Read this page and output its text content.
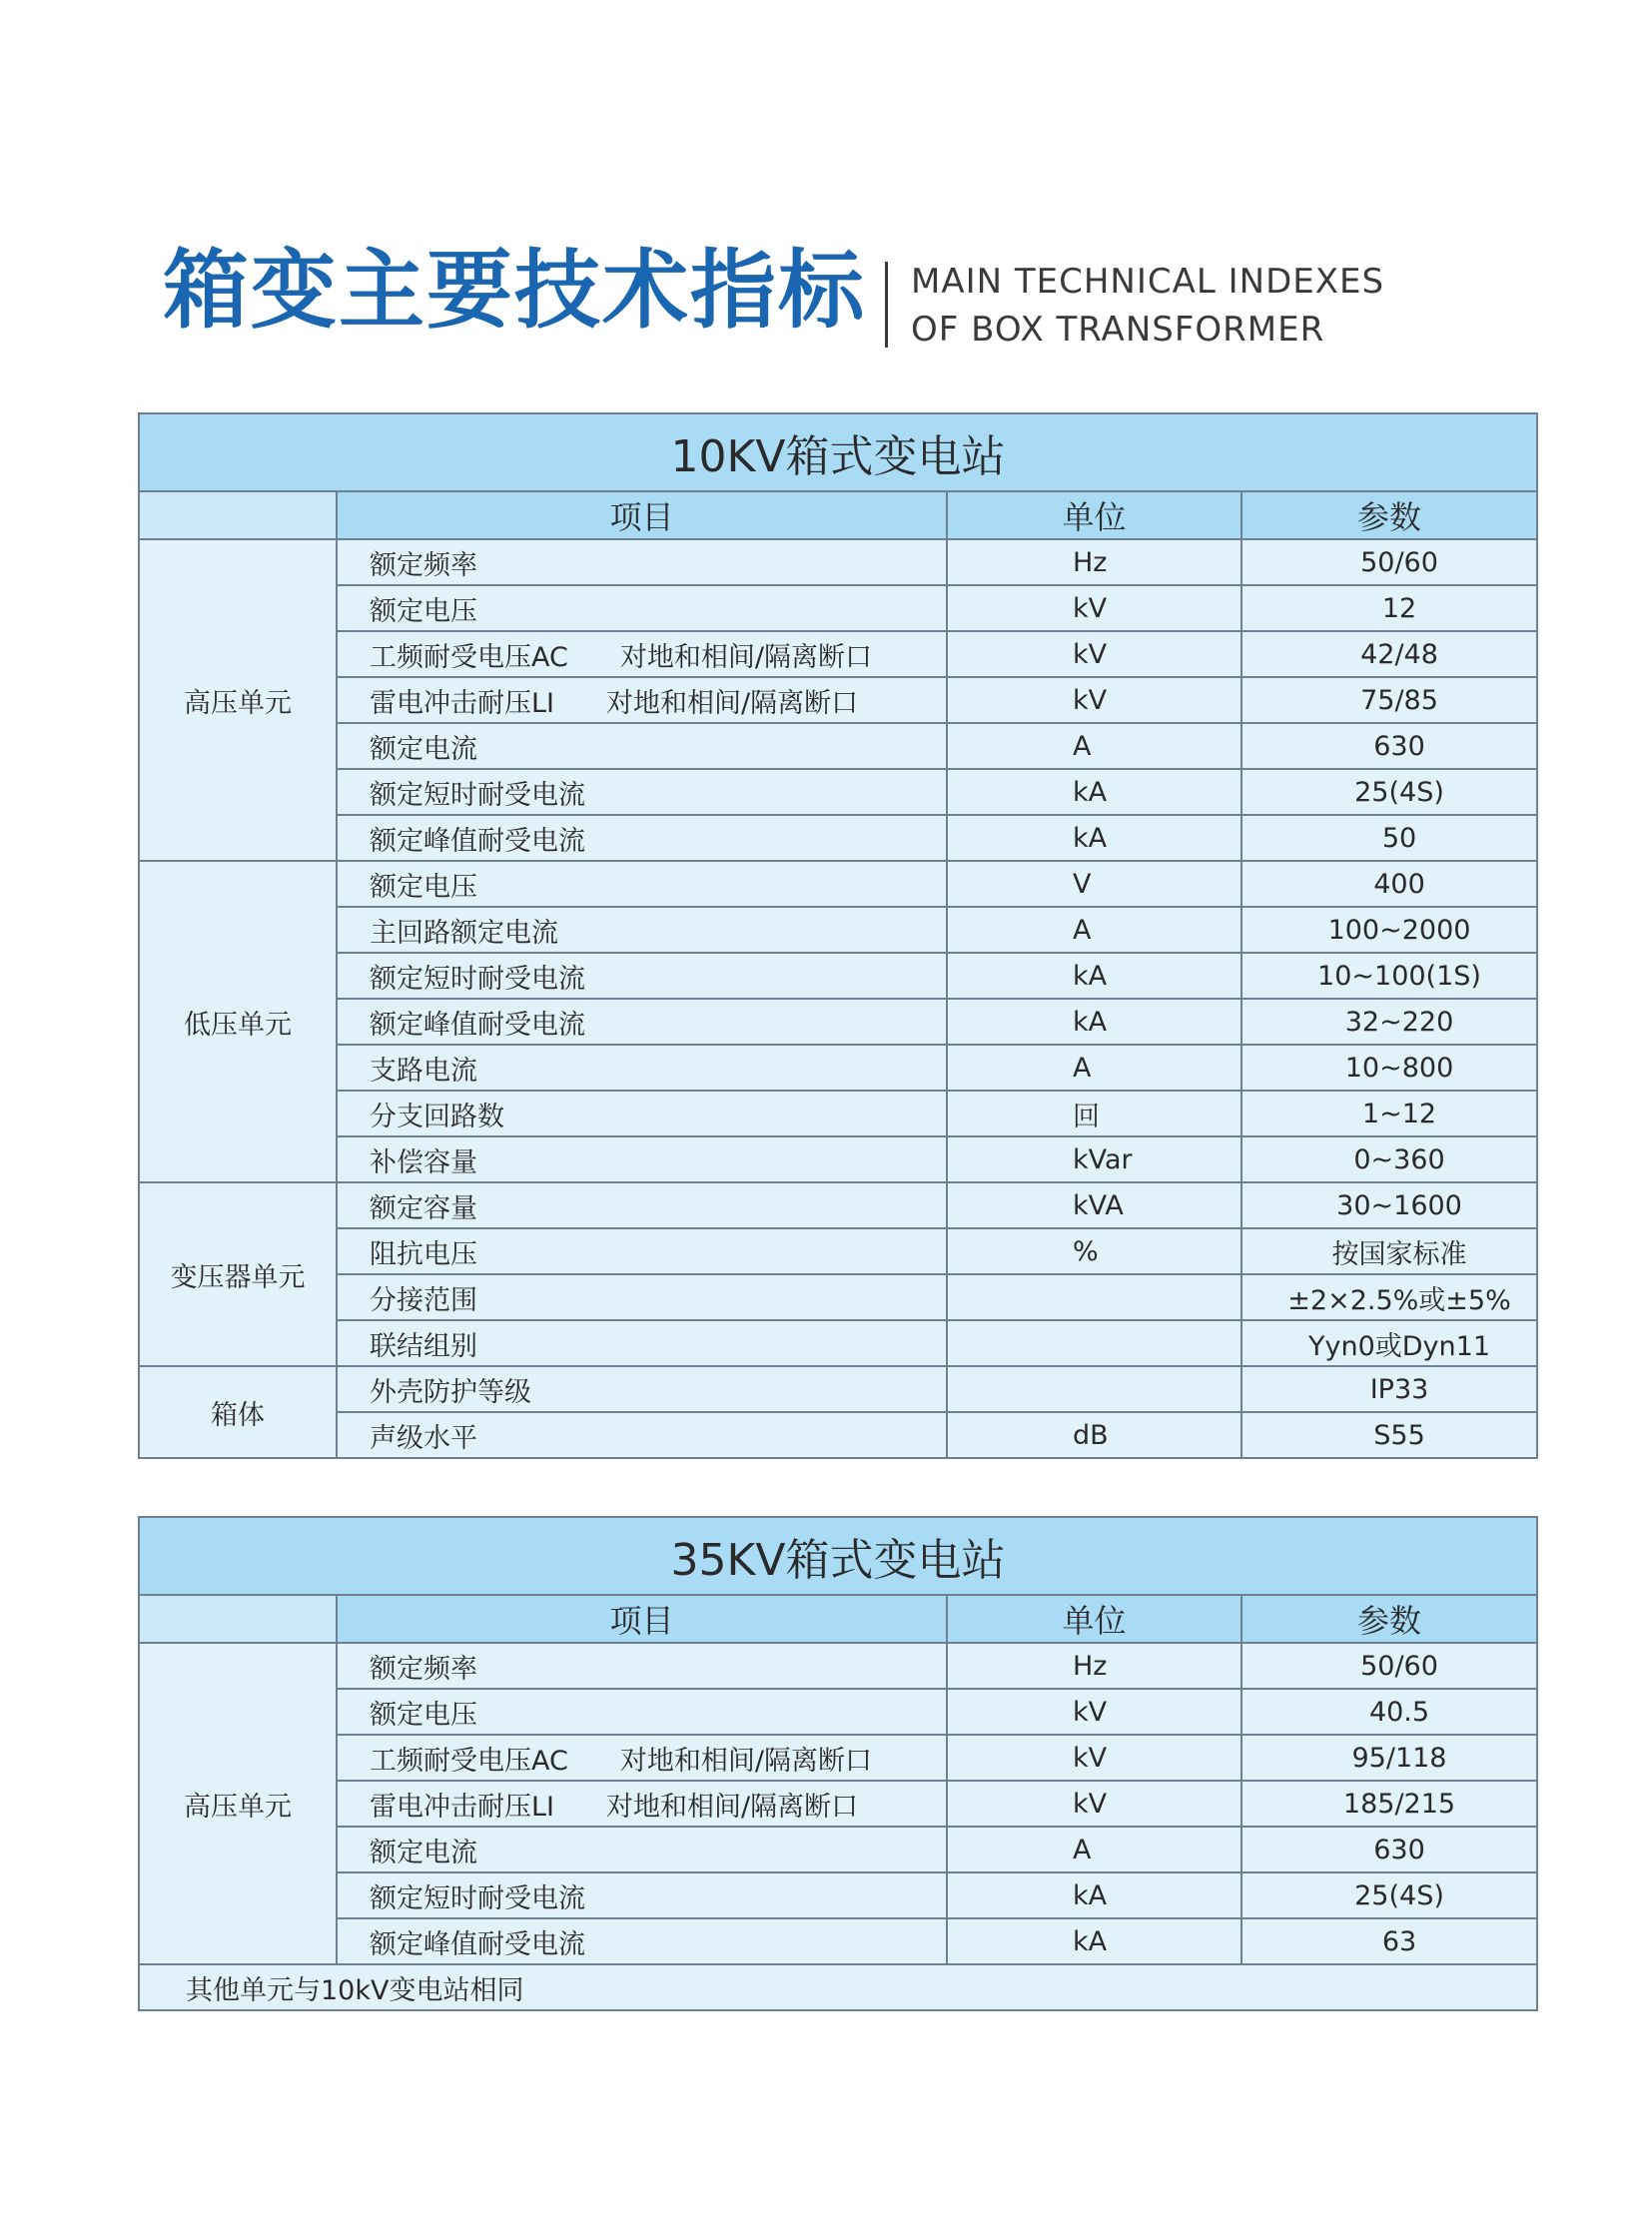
箱变主要技术指标 MAIN TECHNICAL INDEXES
OF BOX TRANSFORMER
10KV箱式变电站			
	项目	单位	参数
高压单元	额定频率	Hz	50/60
	额定电压	kV	12
	工频耐受电压AC 对地和相间/隔离断口	kV	42/48
	雷电冲击耐压LI 对地和相间/隔离断口	kV	75/85
	额定电流	A	630
	额定短时耐受电流	kA	25(4S)
	额定峰值耐受电流	kA	50
低压单元	额定电压	V	400
	主回路额定电流	A	100~2000
	额定短时耐受电流	kA	10~100(1S)
	额定峰值耐受电流	kA	32~220
	支路电流	A	10~800
	分支回路数	回	1~12
	补偿容量	kVar	0~360
变压器单元	额定容量	kVA	30~1600
	阻抗电压	%	按国家标准
	分接范围		±2×2.5%或±5%
	联结组别		Yyn0或Dyn11
箱体	外壳防护等级		IP33
	声级水平	dB	S55
35KV箱式变电站			
	项目	单位	参数
高压单元	额定频率	Hz	50/60
	额定电压	kV	40.5
	工频耐受电压AC 对地和相间/隔离断口	kV	95/118
	雷电冲击耐压LI 对地和相间/隔离断口	kV	185/215
	额定电流	A	630
	额定短时耐受电流	kA	25(4S)
	额定峰值耐受电流	kA	63
其他单元与10kV变电站相同			
